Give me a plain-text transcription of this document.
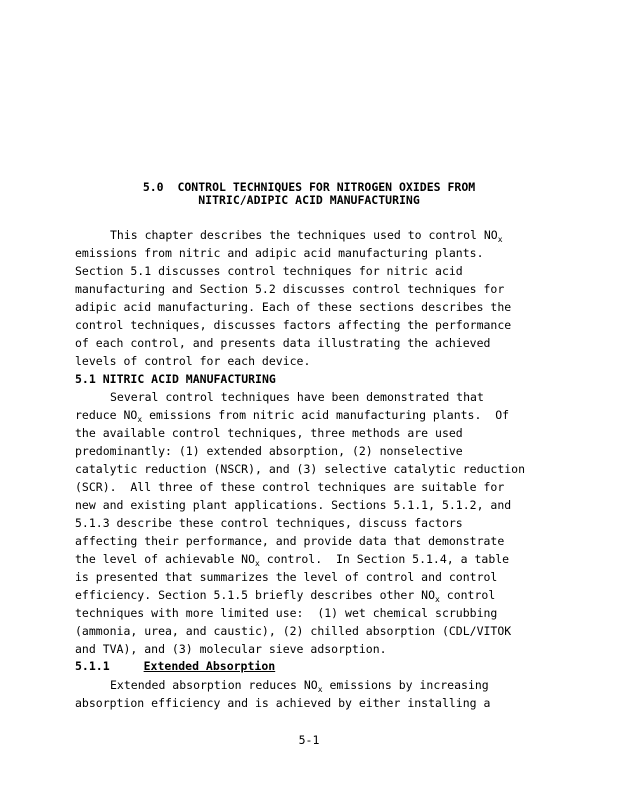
5.0 CONTROL TECHNIQUES FOR NITROGEN OXIDES FROM
NITRIC/ADIPIC ACID MANUFACTURING
This chapter describes the techniques used to control $NO_x$
emissions from nitric and adipic acid manufacturing plants.
Section 5.1 discusses control techniques for nitric acid
manufacturing and Section 5.2 discusses control techniques for
adipic acid manufacturing. Each of these sections describes the
control techniques, discusses factors affecting the performance
of each control, and presents data illustrating the achieved
levels of control for each device.
5.1 NITRIC ACID MANUFACTURING
Several control techniques have been demonstrated that
reduce $NO_x$ emissions from nitric acid manufacturing plants.  Of
the available control techniques, three methods are used
predominantly: (1) extended absorption, (2) nonselective
catalytic reduction (NSCR), and (3) selective catalytic reduction
(SCR).  All three of these control techniques are suitable for
new and existing plant applications. Sections 5.1.1, 5.1.2, and
5.1.3 describe these control techniques, discuss factors
affecting their performance, and provide data that demonstrate
the level of achievable $NO_x$ control.  In Section 5.1.4, a table
is presented that summarizes the level of control and control
efficiency. Section 5.1.5 briefly describes other $NO_x$ control
techniques with more limited use:  (1) wet chemical scrubbing
(ammonia, urea, and caustic), (2) chilled absorption (CDL/VITOK
and TVA), and (3) molecular sieve adsorption.
5.1.1	Extended Absorption
Extended absorption reduces $NO_x$ emissions by increasing
absorption efficiency and is achieved by either installing a
5-1
